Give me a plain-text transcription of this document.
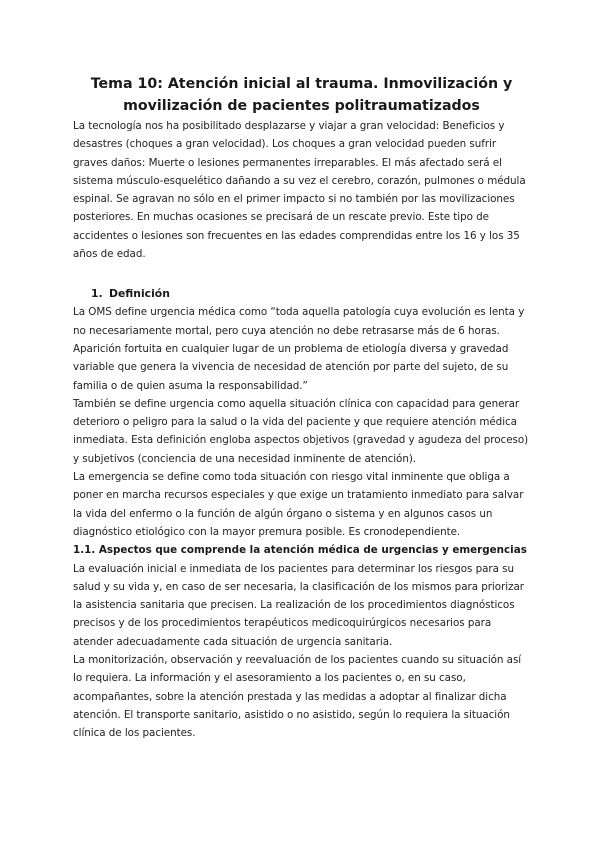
Tema 10: Atención inicial al trauma. Inmovilización y
movilización de pacientes politraumatizados

La tecnología nos ha posibilitado desplazarse y viajar a gran velocidad: Beneficios y desastres (choques a gran velocidad). Los choques a gran velocidad pueden sufrir graves daños: Muerte o lesiones permanentes irreparables. El más afectado será el sistema músculo-esquelético dañando a su vez el cerebro, corazón, pulmones o médula espinal. Se agravan no sólo en el primer impacto si no también por las movilizaciones posteriores. En muchas ocasiones se precisará de un rescate previo. Este tipo de accidentes o lesiones son frecuentes en las edades comprendidas entre los 16 y los 35 años de edad.

1. Definición

La OMS define urgencia médica como “toda aquella patología cuya evolución es lenta y no necesariamente mortal, pero cuya atención no debe retrasarse más de 6 horas. Aparición fortuita en cualquier lugar de un problema de etiología diversa y gravedad variable que genera la vivencia de necesidad de atención por parte del sujeto, de su familia o de quien asuma la responsabilidad.”

También se define urgencia como aquella situación clínica con capacidad para generar deterioro o peligro para la salud o la vida del paciente y que requiere atención médica inmediata. Esta definición engloba aspectos objetivos (gravedad y agudeza del proceso) y subjetivos (conciencia de una necesidad inminente de atención).

La emergencia se define como toda situación con riesgo vital inminente que obliga a poner en marcha recursos especiales y que exige un tratamiento inmediato para salvar la vida del enfermo o la función de algún órgano o sistema y en algunos casos un diagnóstico etiológico con la mayor premura posible. Es cronodependiente.

1.1. Aspectos que comprende la atención médica de urgencias y emergencias

La evaluación inicial e inmediata de los pacientes para determinar los riesgos para su salud y su vida y, en caso de ser necesaria, la clasificación de los mismos para priorizar la asistencia sanitaria que precisen. La realización de los procedimientos diagnósticos precisos y de los procedimientos terapéuticos medicoquirúrgicos necesarios para atender adecuadamente cada situación de urgencia sanitaria.

La monitorización, observación y reevaluación de los pacientes cuando su situación así lo requiera. La información y el asesoramiento a los pacientes o, en su caso, acompañantes, sobre la atención prestada y las medidas a adoptar al finalizar dicha atención. El transporte sanitario, asistido o no asistido, según lo requiera la situación clínica de los pacientes.
